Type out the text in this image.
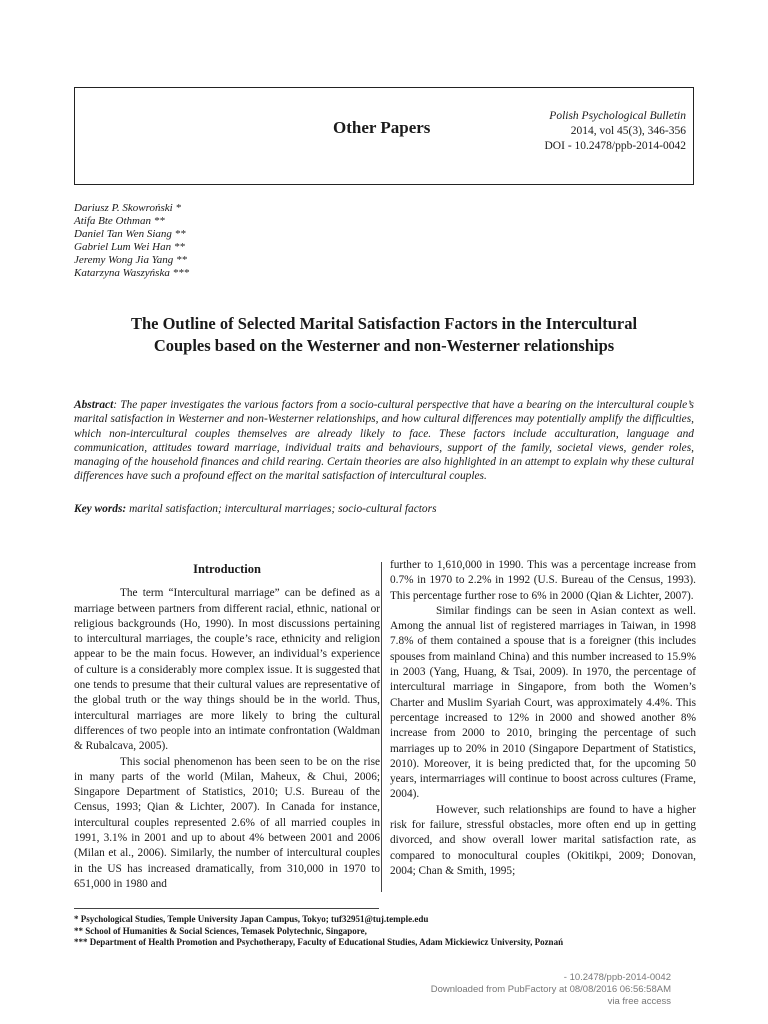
Other Papers
Polish Psychological Bulletin
2014, vol 45(3), 346-356
DOI - 10.2478/ppb-2014-0042
Dariusz P. Skowroński *
Atifa Bte Othman **
Daniel Tan Wen Siang **
Gabriel Lum Wei Han **
Jeremy Wong Jia Yang **
Katarzyna Waszyńska ***
The Outline of Selected Marital Satisfaction Factors in the Intercultural
Couples based on the Westerner and non-Westerner relationships
Abstract: The paper investigates the various factors from a socio-cultural perspective that have a bearing on the intercultural couple’s marital satisfaction in Westerner and non-Westerner relationships, and how cultural differences may potentially amplify the difficulties, which non-intercultural couples themselves are already likely to face. These factors include acculturation, language and communication, attitudes toward marriage, individual traits and behaviours, support of the family, societal views, gender roles, managing of the household finances and child rearing. Certain theories are also highlighted in an attempt to explain why these cultural differences have such a profound effect on the marital satisfaction of intercultural couples.
Key words: marital satisfaction; intercultural marriages; socio-cultural factors
Introduction

The term “Intercultural marriage” can be defined as a marriage between partners from different racial, ethnic, national or religious backgrounds (Ho, 1990). In most discussions pertaining to intercultural marriages, the couple’s race, ethnicity and religion appear to be the main focus. However, an individual’s experience of culture is a considerably more complex issue. It is suggested that one tends to presume that their cultural values are representative of the global truth or the way things should be in the world. Thus, intercultural marriages are more likely to bring the cultural differences of two people into an intimate confrontation (Waldman & Rubalcava, 2005).

This social phenomenon has been seen to be on the rise in many parts of the world (Milan, Maheux, & Chui, 2006; Singapore Department of Statistics, 2010; U.S. Bureau of the Census, 1993; Qian & Lichter, 2007). In Canada for instance, intercultural couples represented 2.6% of all married couples in 1991, 3.1% in 2001 and up to about 4% between 2001 and 2006 (Milan et al., 2006). Similarly, the number of intercultural couples in the US has increased dramatically, from 310,000 in 1970 to 651,000 in 1980 and

further to 1,610,000 in 1990. This was a percentage increase from 0.7% in 1970 to 2.2% in 1992 (U.S. Bureau of the Census, 1993). This percentage further rose to 6% in 2000 (Qian & Lichter, 2007).

Similar findings can be seen in Asian context as well. Among the annual list of registered marriages in Taiwan, in 1998 7.8% of them contained a spouse that is a foreigner (this includes spouses from mainland China) and this number increased to 15.9% in 2003 (Yang, Huang, & Tsai, 2009). In 1970, the percentage of intercultural marriage in Singapore, from both the Women’s Charter and Muslim Syariah Court, was approximately 4.4%. This percentage increased to 12% in 2000 and showed another 8% increase from 2000 to 2010, bringing the percentage of such marriages up to 20% in 2010 (Singapore Department of Statistics, 2010). Moreover, it is being predicted that, for the upcoming 50 years, intermarriages will continue to boost across cultures (Frame, 2004).

However, such relationships are found to have a higher risk for failure, stressful obstacles, more often end up in getting divorced, and show overall lower marital satisfaction rate, as compared to monocultural couples (Okitikpi, 2009; Donovan, 2004; Chan & Smith, 1995;

* Psychological Studies, Temple University Japan Campus, Tokyo; tuf32951@tuj.temple.edu
** School of Humanities & Social Sciences, Temasek Polytechnic, Singapore,
*** Department of Health Promotion and Psychotherapy, Faculty of Educational Studies, Adam Mickiewicz University, Poznań
- 10.2478/ppb-2014-0042
Downloaded from PubFactory at 08/08/2016 06:56:58AM
via free access
